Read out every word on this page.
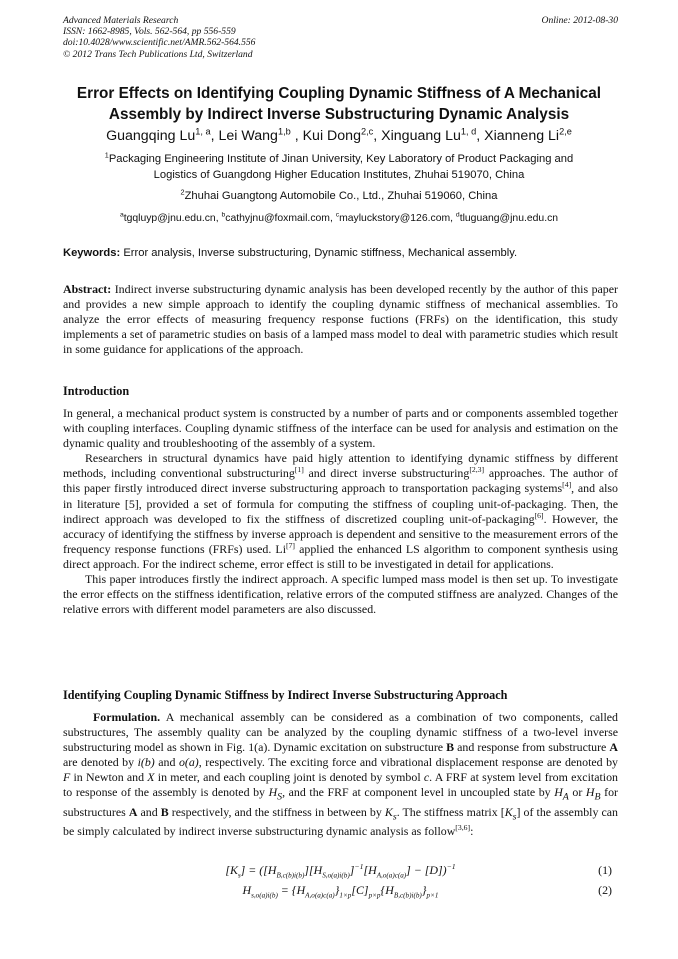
Advanced Materials Research
ISSN: 1662-8985, Vols. 562-564, pp 556-559
doi:10.4028/www.scientific.net/AMR.562-564.556
© 2012 Trans Tech Publications Ltd, Switzerland
Online: 2012-08-30
Error Effects on Identifying Coupling Dynamic Stiffness of A Mechanical
Assembly by Indirect Inverse Substructuring Dynamic Analysis
Guangqing Lu$^{1, a}$, Lei Wang$^{1,b}$ , Kui Dong$^{2,c}$, Xinguang Lu$^{1, d}$, Xianneng Li$^{2,e}$
$^1$Packaging Engineering Institute of Jinan University, Key Laboratory of Product Packaging and
Logistics of Guangdong Higher Education Institutes, Zhuhai 519070, China
$^2$Zhuhai Guangtong Automobile Co., Ltd., Zhuhai 519060, China
$^a$tgqluyp@jnu.edu.cn, $^b$cathyjnu@foxmail.com, $^c$mayluckstory@126.com, $^d$tluguang@jnu.edu.cn
Keywords: Error analysis, Inverse substructuring, Dynamic stiffness, Mechanical assembly.

Abstract: Indirect inverse substructuring dynamic analysis has been developed recently by the author of this paper and provides a new simple approach to identify the coupling dynamic stiffness of mechanical assemblies. To analyze the error effects of measuring frequency response fuctions (FRFs) on the identification, this study implements a set of parametric studies on basis of a lamped mass model to deal with parametric studies which result in some guidance for applications of the approach.

Introduction

In general, a mechanical product system is constructed by a number of parts and or components assembled together with coupling interfaces. Coupling dynamic stiffness of the interface can be used for analysis and estimation on the dynamic quality and troubleshooting of the assembly of a system.

Researchers in structural dynamics have paid higly attention to identifying dynamic stiffness by different methods, including conventional substructuring[1] and direct inverse substructuring[2,3] approaches. The author of this paper firstly introduced direct inverse substructuring approach to transportation packaging systems[4], and also in literature [5], provided a set of formula for computing the stiffness of coupling unit-of-packaging. Then, the indirect approach was developed to fix the stiffness of discretized coupling unit-of-packaging[6]. However, the accuracy of identifying the stiffness by inverse approach is dependent and sensitive to the measurement errors of the frequency response functions (FRFs) used. Li[7] applied the enhanced LS algorithm to component synthesis using direct approach. For the indirect scheme, error effect is still to be investigated in detail for applications.

This paper introduces firstly the indirect approach. A specific lumped mass model is then set up. To investigate the error effects on the stiffness identification, relative errors of the computed stiffness are analyzed. Changes of the relative errors with different model parameters are also discussed.

Identifying Coupling Dynamic Stiffness by Indirect Inverse Substructuring Approach

Formulation. A mechanical assembly can be considered as a combination of two components, called substructures, The assembly quality can be analyzed by the coupling dynamic stiffness of a two-level inverse substructuring model as shown in Fig. 1(a). Dynamic excitation on substructure B and response from substructure A are denoted by i(b) and o(a), respectively. The exciting force and vibrational displacement response are denoted by F in Newton and X in meter, and each coupling joint is denoted by symbol c. A FRF at system level from excitation to response of the assembly is denoted by $H_S$, and the FRF at component level in uncoupled state by $H_A$ or $H_B$ for substructures A and B respectively, and the stiffness in between by $K_s$. The stiffness matrix $[K_s]$ of the assembly can be simply calculated by indirect inverse substructuring dynamic analysis as follow[3,6]:

$[K_s] = ([H_{B,c(b)i(b)}][H_{S,o(a)i(b)}]^{-1}[H_{A,o(a)c(a)}] - [D])^{-1}$	(1)
$H_{s,o(a)i(b)} = \{H_{A,o(a)c(a)}\}_{1\times p}[C]_{p\times p}\{H_{B,c(b)i(b)}\}_{p\times 1}$	(2)
